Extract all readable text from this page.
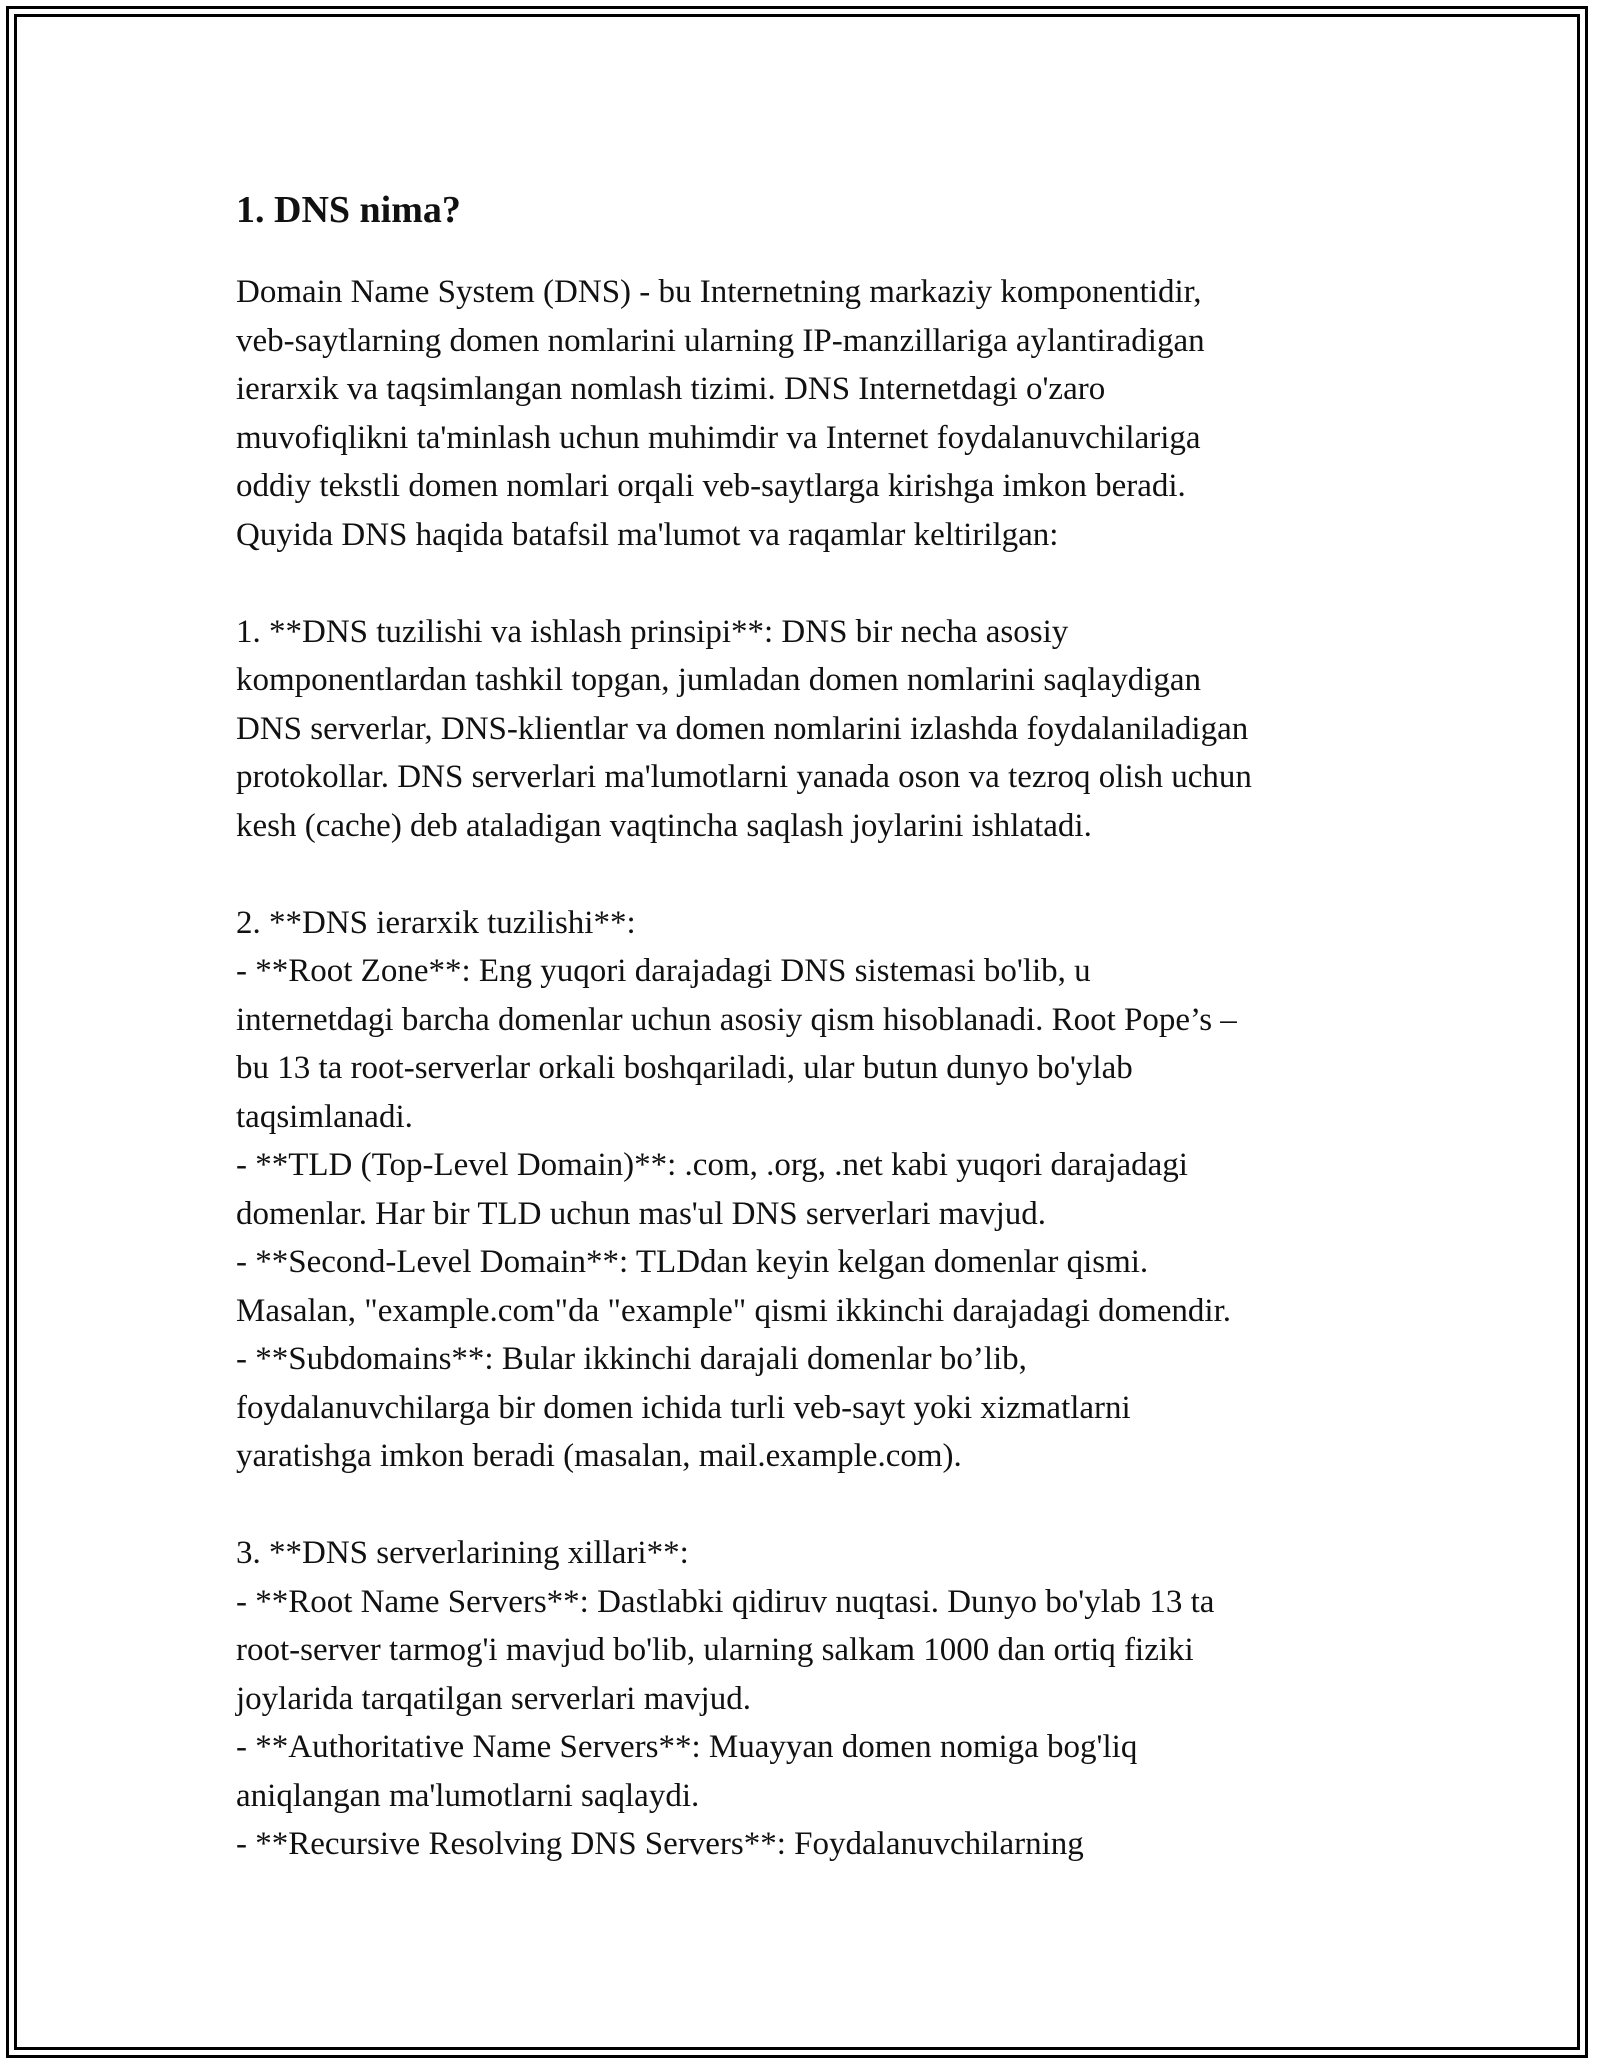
1. DNS nima?

Domain Name System (DNS) - bu Internetning markaziy komponentidir,
veb-saytlarning domen nomlarini ularning IP-manzillariga aylantiradigan
ierarxik va taqsimlangan nomlash tizimi. DNS Internetdagi o'zaro
muvofiqlikni ta'minlash uchun muhimdir va Internet foydalanuvchilariga
oddiy tekstli domen nomlari orqali veb-saytlarga kirishga imkon beradi.
Quyida DNS haqida batafsil ma'lumot va raqamlar keltirilgan:

1. **DNS tuzilishi va ishlash prinsipi**: DNS bir necha asosiy
komponentlardan tashkil topgan, jumladan domen nomlarini saqlaydigan
DNS serverlar, DNS-klientlar va domen nomlarini izlashda foydalaniladigan
protokollar. DNS serverlari ma'lumotlarni yanada oson va tezroq olish uchun
kesh (cache) deb ataladigan vaqtincha saqlash joylarini ishlatadi.

2. **DNS ierarxik tuzilishi**:
- **Root Zone**: Eng yuqori darajadagi DNS sistemasi bo'lib, u
internetdagi barcha domenlar uchun asosiy qism hisoblanadi. Root Pope’s –
bu 13 ta root-serverlar orkali boshqariladi, ular butun dunyo bo'ylab
taqsimlanadi.
- **TLD (Top-Level Domain)**: .com, .org, .net kabi yuqori darajadagi
domenlar. Har bir TLD uchun mas'ul DNS serverlari mavjud.
- **Second-Level Domain**: TLDdan keyin kelgan domenlar qismi.
Masalan, "example.com"da "example" qismi ikkinchi darajadagi domendir.
- **Subdomains**: Bular ikkinchi darajali domenlar bo’lib,
foydalanuvchilarga bir domen ichida turli veb-sayt yoki xizmatlarni
yaratishga imkon beradi (masalan, mail.example.com).

3. **DNS serverlarining xillari**:
- **Root Name Servers**: Dastlabki qidiruv nuqtasi. Dunyo bo'ylab 13 ta
root-server tarmog'i mavjud bo'lib, ularning salkam 1000 dan ortiq fiziki
joylarida tarqatilgan serverlari mavjud.
- **Authoritative Name Servers**: Muayyan domen nomiga bog'liq
aniqlangan ma'lumotlarni saqlaydi.
- **Recursive Resolving DNS Servers**: Foydalanuvchilarning
